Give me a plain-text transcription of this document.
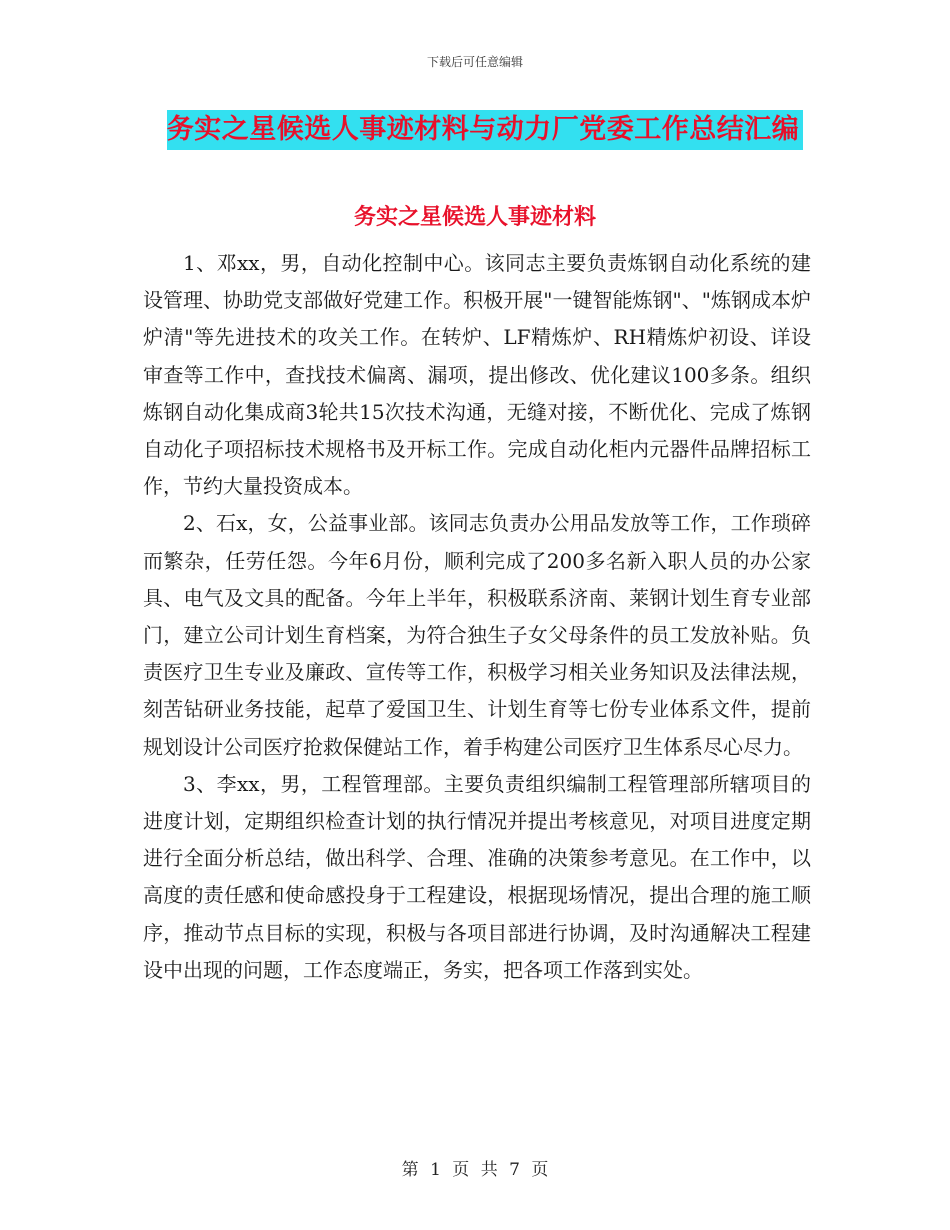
下载后可任意编辑
务实之星候选人事迹材料与动力厂党委工作总结汇编
务实之星候选人事迹材料

1、邓xx，男，自动化控制中心。该同志主要负责炼钢自动化系统的建设管理、协助党支部做好党建工作。积极开展"一键智能炼钢"、"炼钢成本炉炉清"等先进技术的攻关工作。在转炉、LF精炼炉、RH精炼炉初设、详设审查等工作中，查找技术偏离、漏项，提出修改、优化建议100多条。组织炼钢自动化集成商3轮共15次技术沟通，无缝对接，不断优化、完成了炼钢自动化子项招标技术规格书及开标工作。完成自动化柜内元器件品牌招标工作，节约大量投资成本。

2、石x，女，公益事业部。该同志负责办公用品发放等工作，工作琐碎而繁杂，任劳任怨。今年6月份，顺利完成了200多名新入职人员的办公家具、电气及文具的配备。今年上半年，积极联系济南、莱钢计划生育专业部门，建立公司计划生育档案，为符合独生子女父母条件的员工发放补贴。负责医疗卫生专业及廉政、宣传等工作，积极学习相关业务知识及法律法规，刻苦钻研业务技能，起草了爱国卫生、计划生育等七份专业体系文件，提前规划设计公司医疗抢救保健站工作，着手构建公司医疗卫生体系尽心尽力。

3、李xx，男，工程管理部。主要负责组织编制工程管理部所辖项目的进度计划，定期组织检查计划的执行情况并提出考核意见，对项目进度定期进行全面分析总结，做出科学、合理、准确的决策参考意见。在工作中，以高度的责任感和使命感投身于工程建设，根据现场情况，提出合理的施工顺序，推动节点目标的实现，积极与各项目部进行协调，及时沟通解决工程建设中出现的问题，工作态度端正，务实，把各项工作落到实处。

第 1 页 共 7 页
